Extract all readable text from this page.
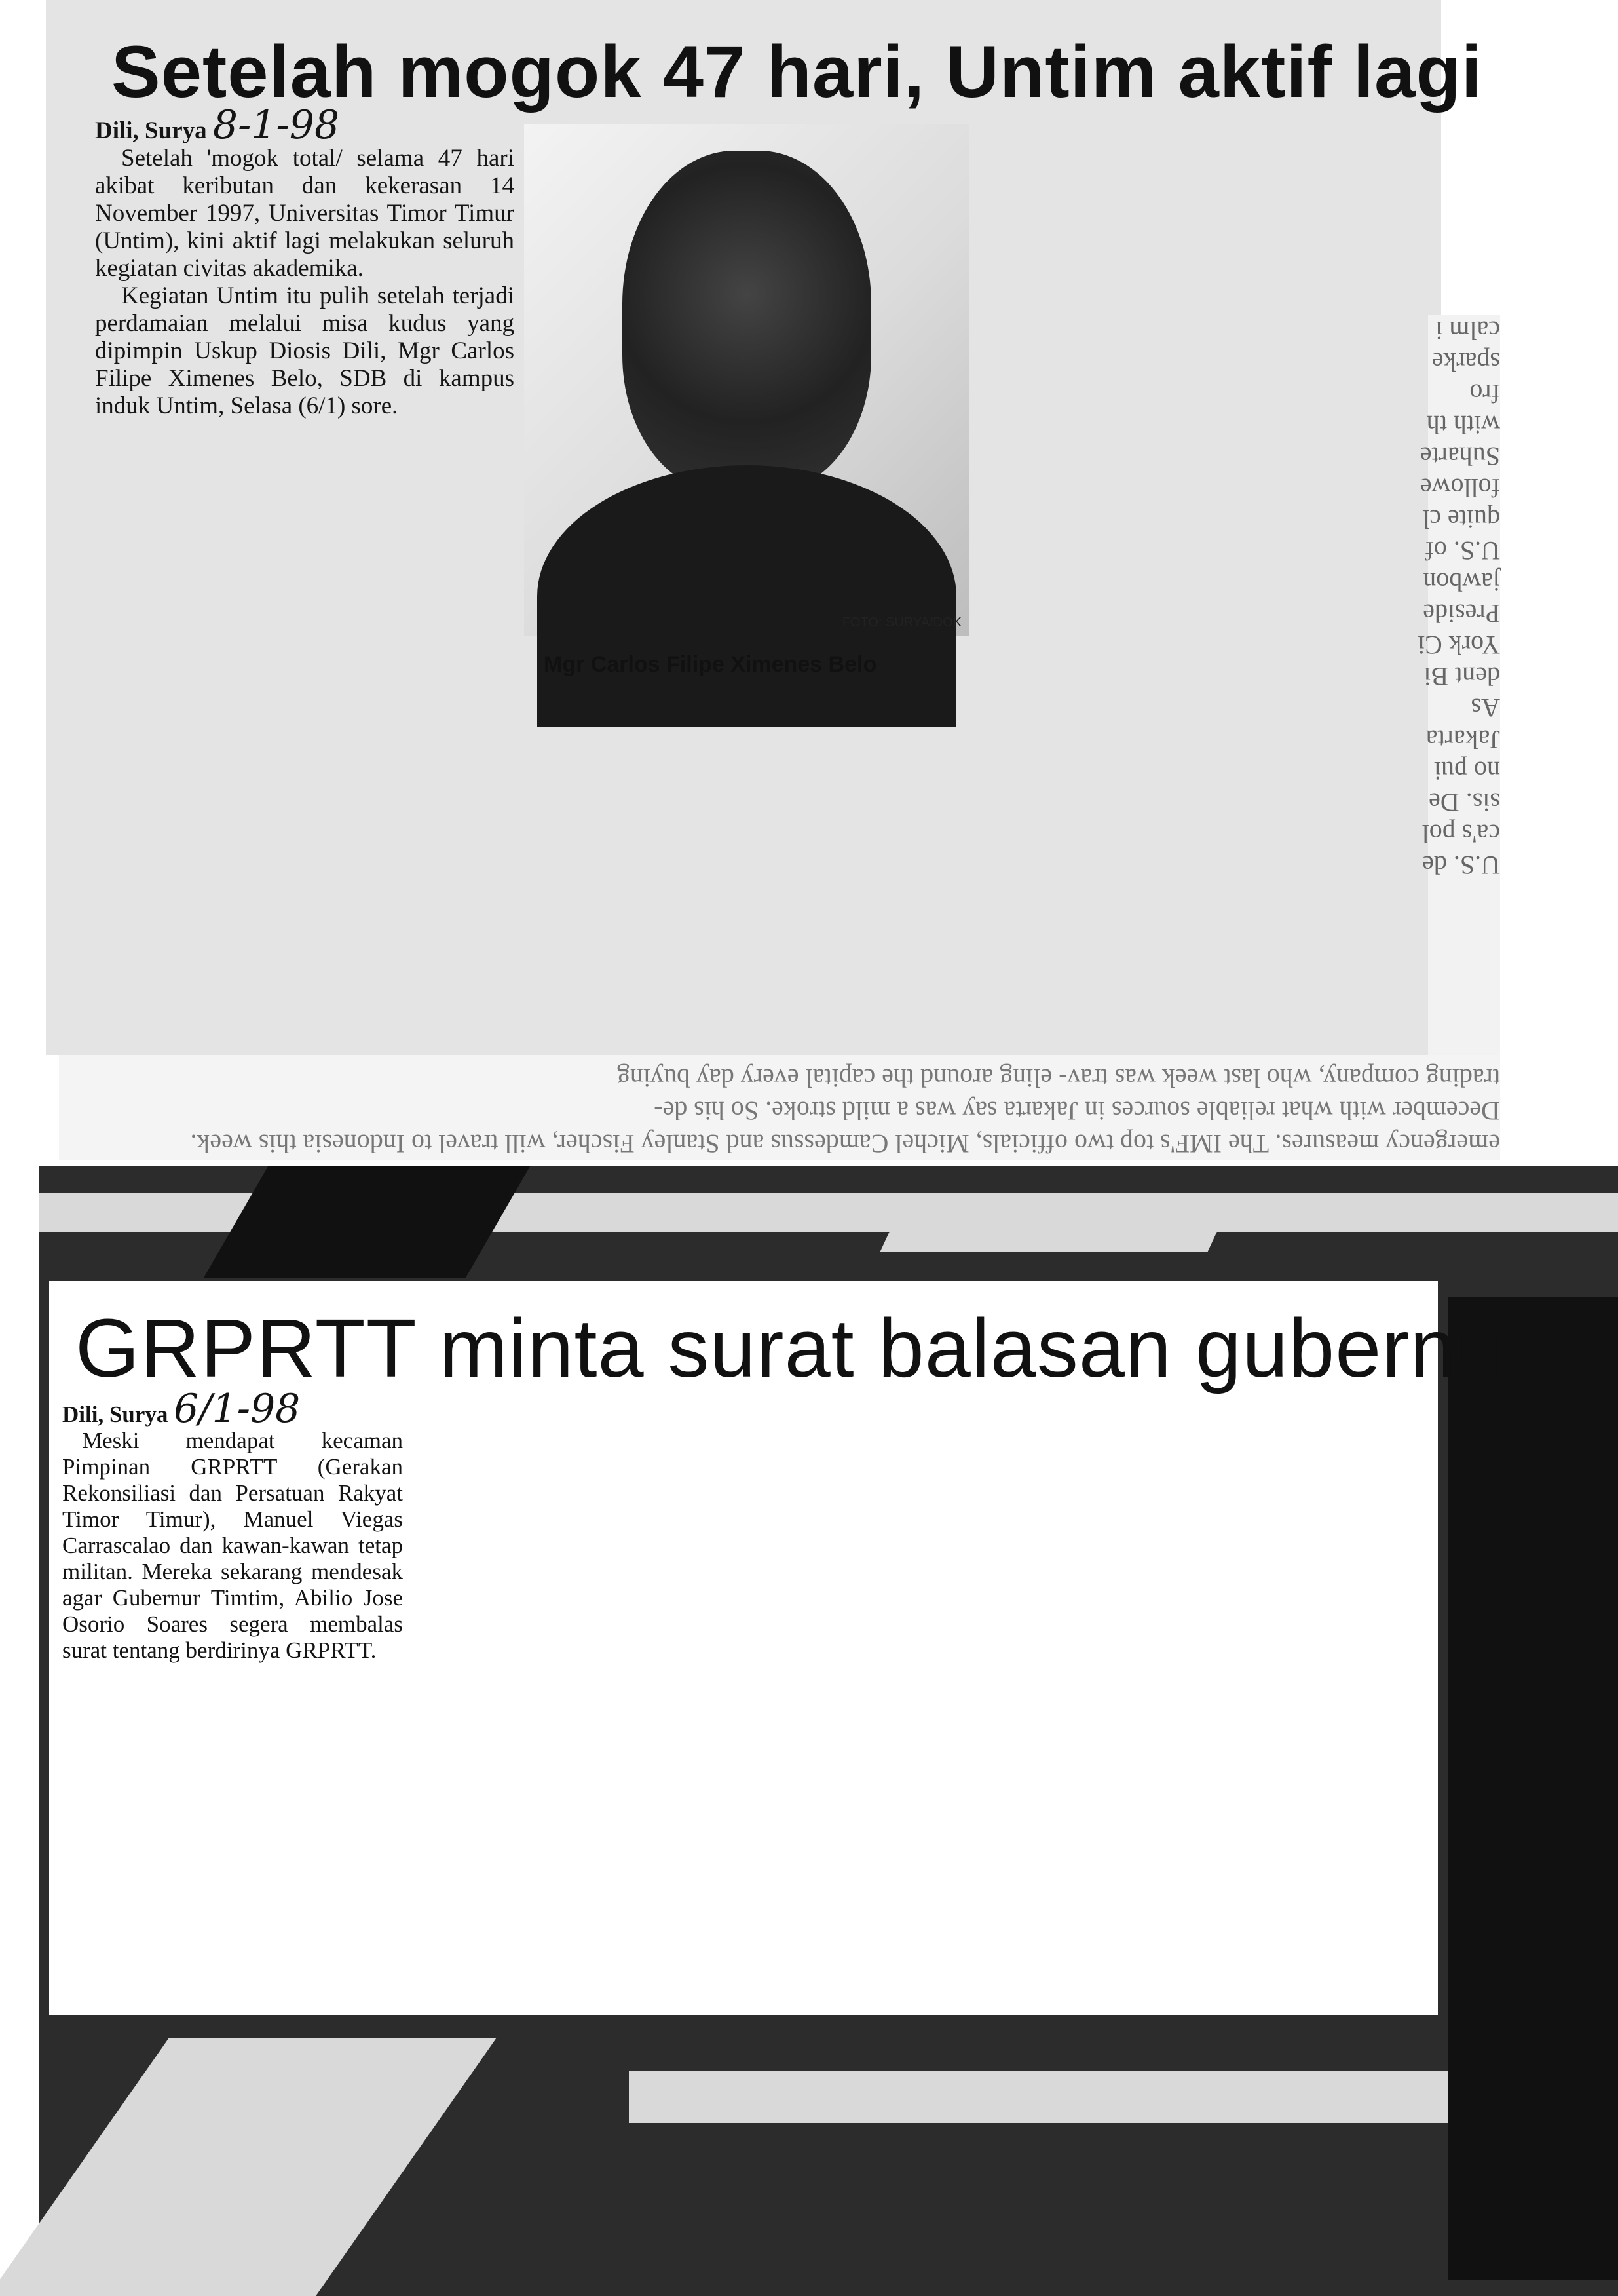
calm i
sparke
fro
with th
Suharte
followe
quite cl
U.S. of
jawbon
Preside
York Ci
dent Bi
As
Jakarta
no pui
sis. De
ca's pol
U.S. de
emergency measures. The IMF's top two officials, Michel Camdessus and Stanley Fischer, will travel to Indonesia this week.
December with what reliable sources in Jakarta say was a mild stroke. So his de-
trading company, who last week was trav- eling around the capital every day buying
Setelah mogok 47 hari, Untim aktif lagi

Dili, Surya 8-1-98

Setelah 'mogok total/ selama 47 hari akibat keributan dan kekerasan 14 November 1997, Universitas Timor Timur (Untim), kini aktif lagi melakukan seluruh kegiatan civitas akademika.

Kegiatan Untim itu pulih setelah terjadi perdamaian melalui misa kudus yang dipimpin Uskup Diosis Dili, Mgr Carlos Filipe Ximenes Belo, SDB di kampus induk Untim, Selasa (6/1) sore.

FOTO: SURYA/DOK
Mgr Carlos Filipe Ximenes Belo
GRPRTT minta surat balasan gubernur

Dili, Surya 6/1-98

Meski mendapat kecaman Pimpinan GRPRTT (Gerakan Rekonsiliasi dan Persatuan Rakyat Timor Timur), Manuel Viegas Carrascalao dan kawan-kawan tetap militan. Mereka sekarang mendesak agar Gubernur Timtim, Abilio Jose Osorio Soares segera membalas surat tentang berdirinya GRPRTT.
